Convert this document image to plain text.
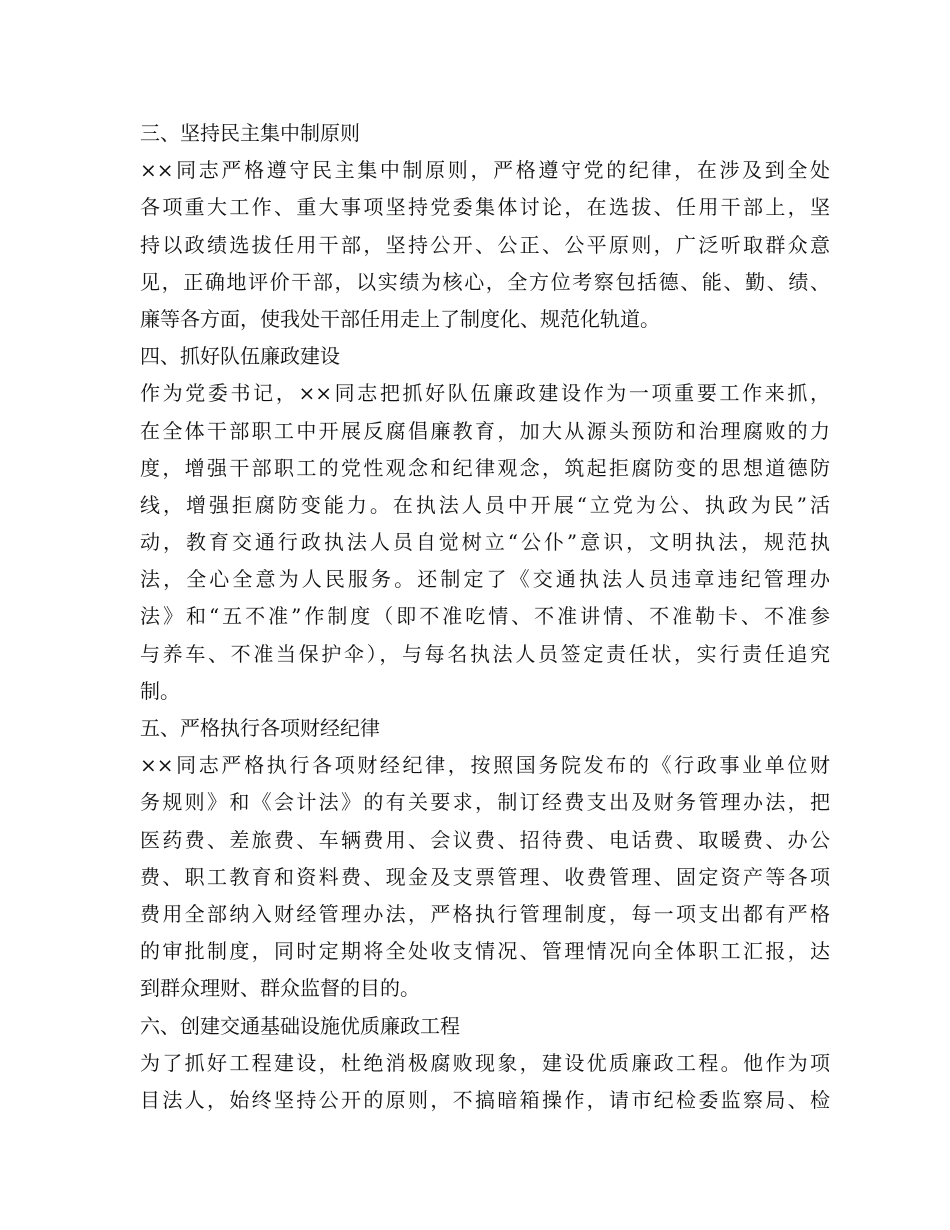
三、坚持民主集中制原则
××同志严格遵守民主集中制原则，严格遵守党的纪律，在涉及到全处
各项重大工作、重大事项坚持党委集体讨论，在选拔、任用干部上，坚
持以政绩选拔任用干部，坚持公开、公正、公平原则，广泛听取群众意
见，正确地评价干部，以实绩为核心，全方位考察包括德、能、勤、绩、
廉等各方面，使我处干部任用走上了制度化、规范化轨道。
四、抓好队伍廉政建设
作为党委书记，××同志把抓好队伍廉政建设作为一项重要工作来抓，
在全体干部职工中开展反腐倡廉教育，加大从源头预防和治理腐败的力
度，增强干部职工的党性观念和纪律观念，筑起拒腐防变的思想道德防
线，增强拒腐防变能力。在执法人员中开展“立党为公、执政为民”活
动，教育交通行政执法人员自觉树立“公仆”意识，文明执法，规范执
法，全心全意为人民服务。还制定了《交通执法人员违章违纪管理办
法》和“五不准”作制度（即不准吃情、不准讲情、不准勒卡、不准参
与养车、不准当保护伞），与每名执法人员签定责任状，实行责任追究
制。
五、严格执行各项财经纪律
××同志严格执行各项财经纪律，按照国务院发布的《行政事业单位财
务规则》和《会计法》的有关要求，制订经费支出及财务管理办法，把
医药费、差旅费、车辆费用、会议费、招待费、电话费、取暖费、办公
费、职工教育和资料费、现金及支票管理、收费管理、固定资产等各项
费用全部纳入财经管理办法，严格执行管理制度，每一项支出都有严格
的审批制度，同时定期将全处收支情况、管理情况向全体职工汇报，达
到群众理财、群众监督的目的。
六、创建交通基础设施优质廉政工程
为了抓好工程建设，杜绝消极腐败现象，建设优质廉政工程。他作为项
目法人，始终坚持公开的原则，不搞暗箱操作，请市纪检委监察局、检
